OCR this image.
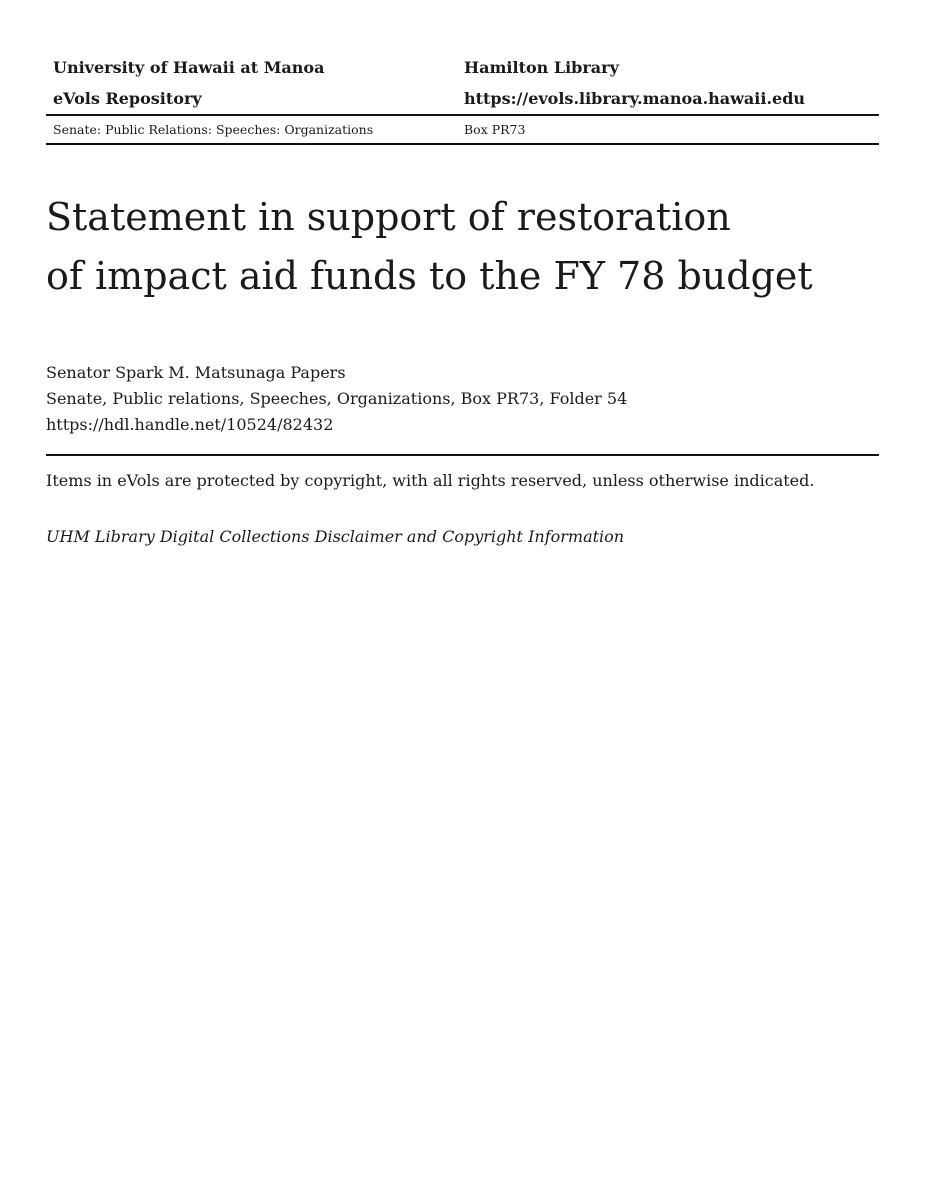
University of Hawaii at Manoa	Hamilton Library
eVols Repository	https://evols.library.manoa.hawaii.edu
Senate: Public Relations: Speeches: Organizations	Box PR73
Statement in support of restoration
of impact aid funds to the FY 78 budget
Senator Spark M. Matsunaga Papers
Senate, Public relations, Speeches, Organizations, Box PR73, Folder 54
https://hdl.handle.net/10524/82432
Items in eVols are protected by copyright, with all rights reserved, unless otherwise indicated.
UHM Library Digital Collections Disclaimer and Copyright Information
